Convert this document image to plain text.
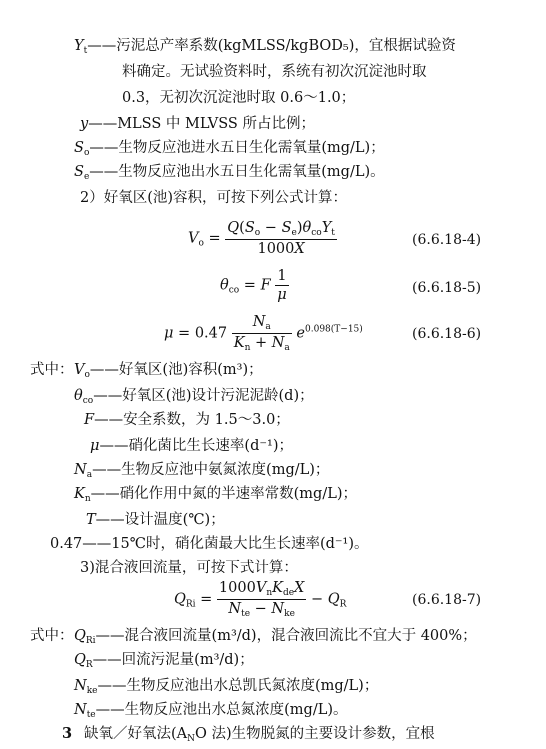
$Y_t——$污泥总产率系数(kgMLSS/kgBOD₅)，宜根据试验资
料确定。无试验资料时，系统有初次沉淀池时取
0.3，无初次沉淀池时取 0.6～1.0；
y——MLSS 中 MLVSS 所占比例；
$S_o——$生物反应池进水五日生化需氧量(mg/L)；
$S_e——$生物反应池出水五日生化需氧量(mg/L)。
2）好氧区(池)容积，可按下列公式计算：
$V_o = \frac{Q(S_o - S_e)\theta_{co}Y_t}{1000X}$	(6.6.18-4)
$\theta_{co} = F \frac{1}{\mu}$	(6.6.18-5)
$\mu = 0.47 \frac{N_a}{K_n + N_a} e^{0.098(T-15)}$	(6.6.18-6)
式中： $V_o——$好氧区(池)容积(m³)；
$\theta_{co}——$好氧区(池)设计污泥泥龄(d)；
F——安全系数，为 1.5～3.0；
μ——硝化菌比生长速率(d⁻¹)；
$N_a——$生物反应池中氨氮浓度(mg/L)；
$K_n——$硝化作用中氮的半速率常数(mg/L)；
T——设计温度(℃)；
0.47——15℃时，硝化菌最大比生长速率(d⁻¹)。
3)混合液回流量，可按下式计算：
$Q_{Ri} = \frac{1000V_nK_{de}X}{N_{te} - N_{ke}} - Q_R$	(6.6.18-7)
式中： $Q_{Ri}——$混合液回流量(m³/d)，混合液回流比不宜大于 400%；
$Q_R——$回流污泥量(m³/d)；
$N_{ke}——$生物反应池出水总凯氏氮浓度(mg/L)；
$N_{te}——$生物反应池出水总氮浓度(mg/L)。
3 缺氧／好氧法($A_NO$ 法)生物脱氮的主要设计参数，宜根
